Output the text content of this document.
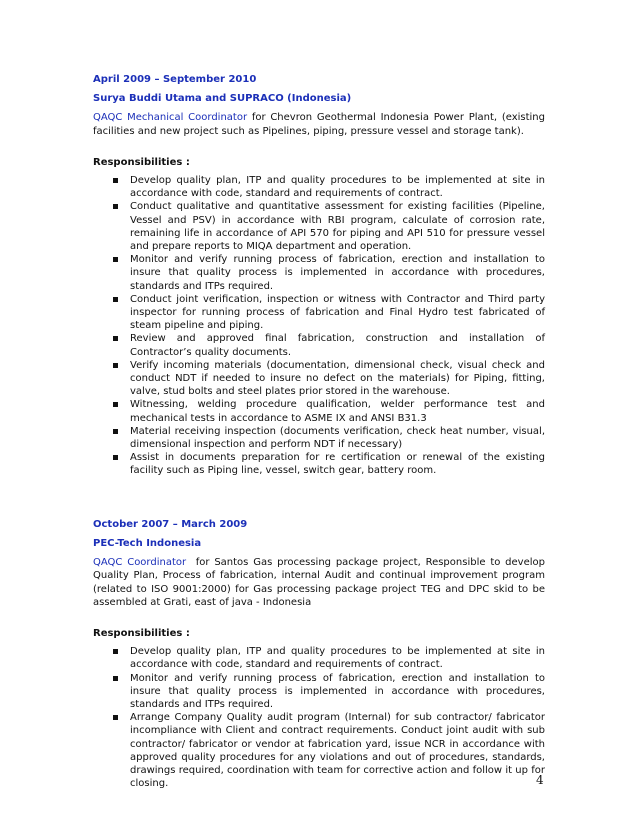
April 2009 – September 2010
Surya Buddi Utama and SUPRACO (Indonesia)

QAQC Mechanical Coordinator for Chevron Geothermal Indonesia Power Plant, (existing facilities and new project such as Pipelines, piping, pressure vessel and storage tank).

Responsibilities :
Develop quality plan, ITP and quality procedures to be implemented at site in accordance with code, standard and requirements of contract.
Conduct qualitative and quantitative assessment for existing facilities (Pipeline, Vessel and PSV) in accordance with RBI program, calculate of corrosion rate, remaining life in accordance of API 570 for piping and API 510 for pressure vessel and prepare reports to MIQA department and operation.
Monitor and verify running process of fabrication, erection and installation to insure that quality process is implemented in accordance with procedures, standards and ITPs required.
Conduct joint verification, inspection or witness with Contractor and Third party inspector for running process of fabrication and Final Hydro test fabricated of steam pipeline and piping.
Review and approved final fabrication, construction and installation of Contractor’s quality documents.
Verify incoming materials (documentation, dimensional check, visual check and conduct NDT if needed to insure no defect on the materials) for Piping, fitting, valve, stud bolts and steel plates prior stored in the warehouse.
Witnessing, welding procedure qualification, welder performance test and mechanical tests in accordance to ASME IX and ANSI B31.3
Material receiving inspection (documents verification, check heat number, visual, dimensional inspection and perform NDT if necessary)
Assist in documents preparation for re certification or renewal of the existing facility such as Piping line, vessel, switch gear, battery room.
October 2007 – March 2009
PEC-Tech Indonesia

QAQC Coordinator  for Santos Gas processing package project, Responsible to develop Quality Plan, Process of fabrication, internal Audit and continual improvement program (related to ISO 9001:2000) for Gas processing package project TEG and DPC skid to be assembled at Grati, east of java - Indonesia

Responsibilities :
Develop quality plan, ITP and quality procedures to be implemented at site in accordance with code, standard and requirements of contract.
Monitor and verify running process of fabrication, erection and installation to insure that quality process is implemented in accordance with procedures, standards and ITPs required.
Arrange Company Quality audit program (Internal) for sub contractor/ fabricator incompliance with Client and contract requirements. Conduct joint audit with sub contractor/ fabricator or vendor at fabrication yard, issue NCR in accordance with approved quality procedures for any violations and out of procedures, standards, drawings required, coordination with team for corrective action and follow it up for closing.	4
